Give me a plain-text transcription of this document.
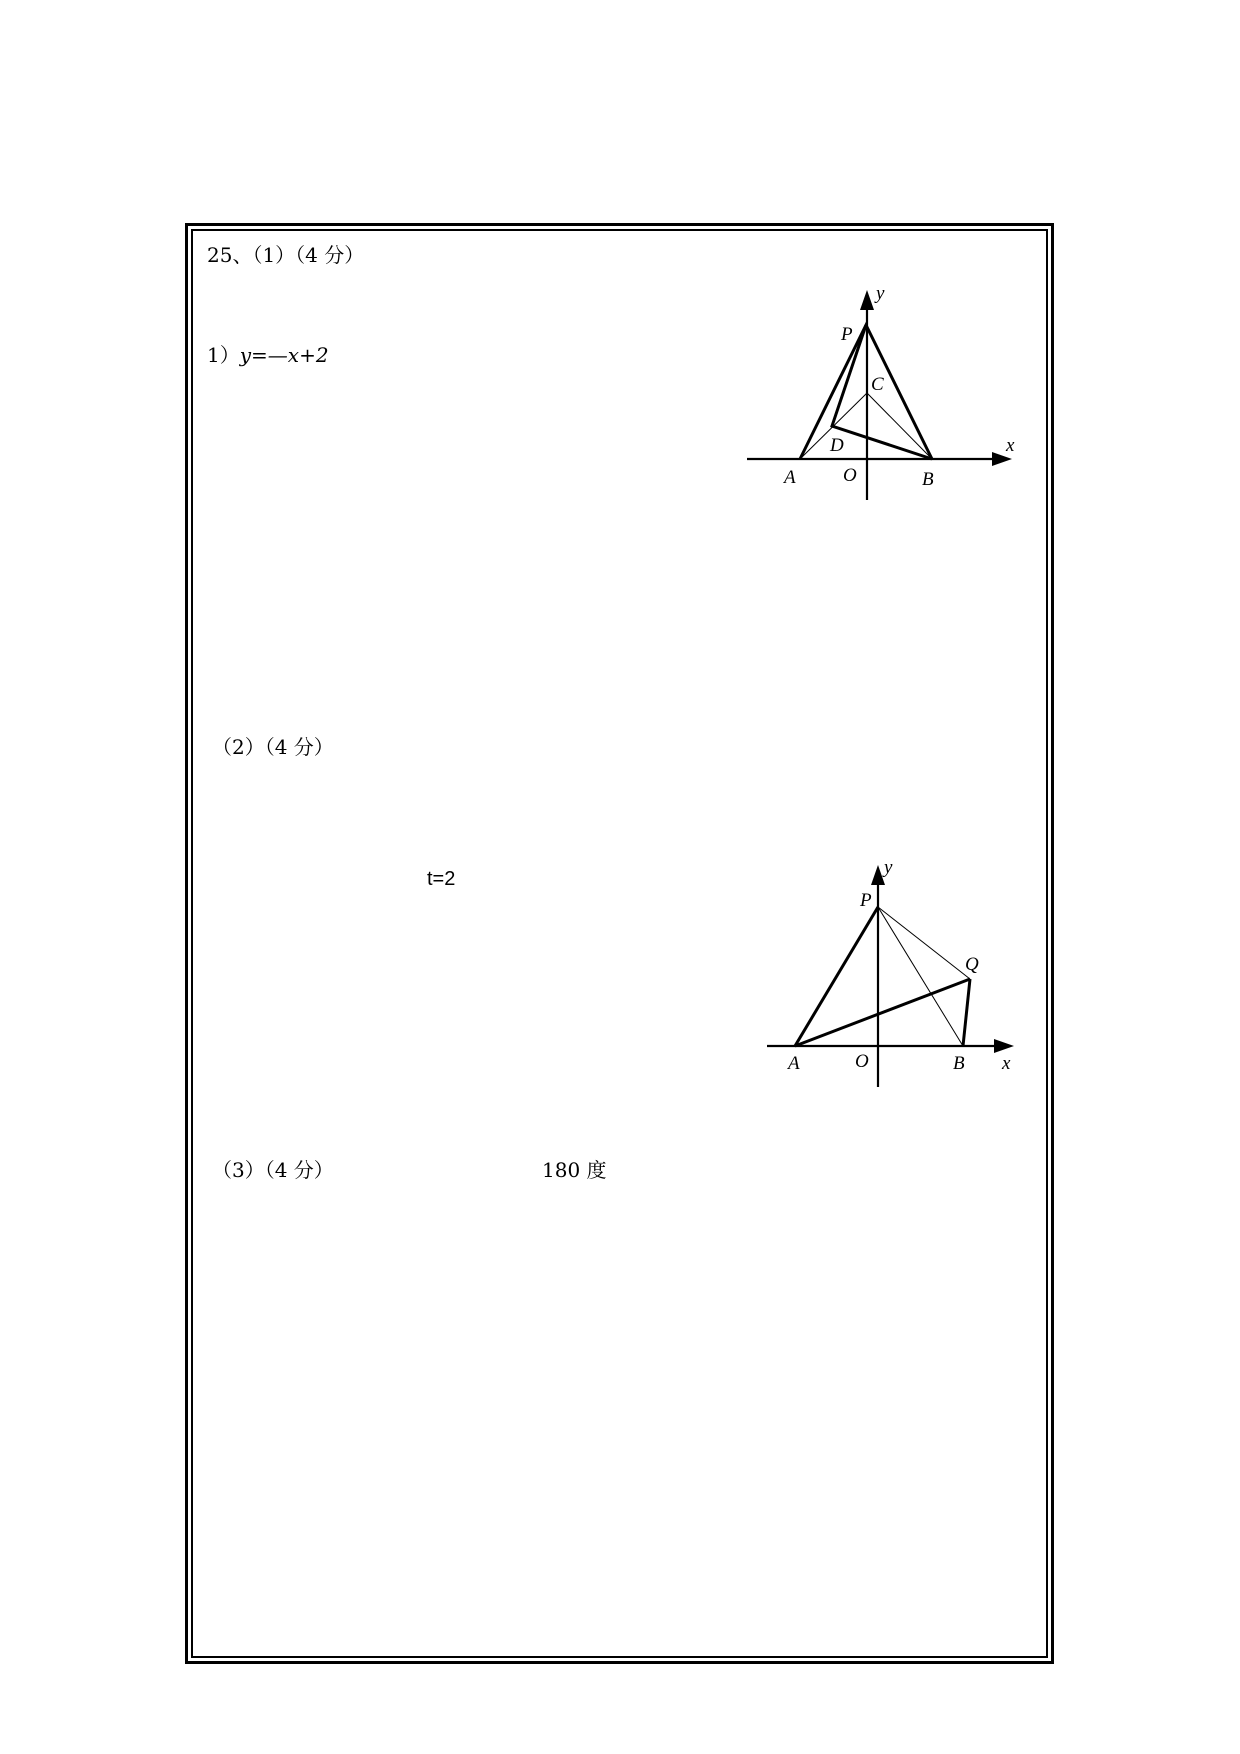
25、（1）（4 分）
1）y=—x+2
y
x
P
C
D
A O	B
（2）（4 分）
t=2
y
x
P
Q
A	O	B
（3）（4 分）	180 度
